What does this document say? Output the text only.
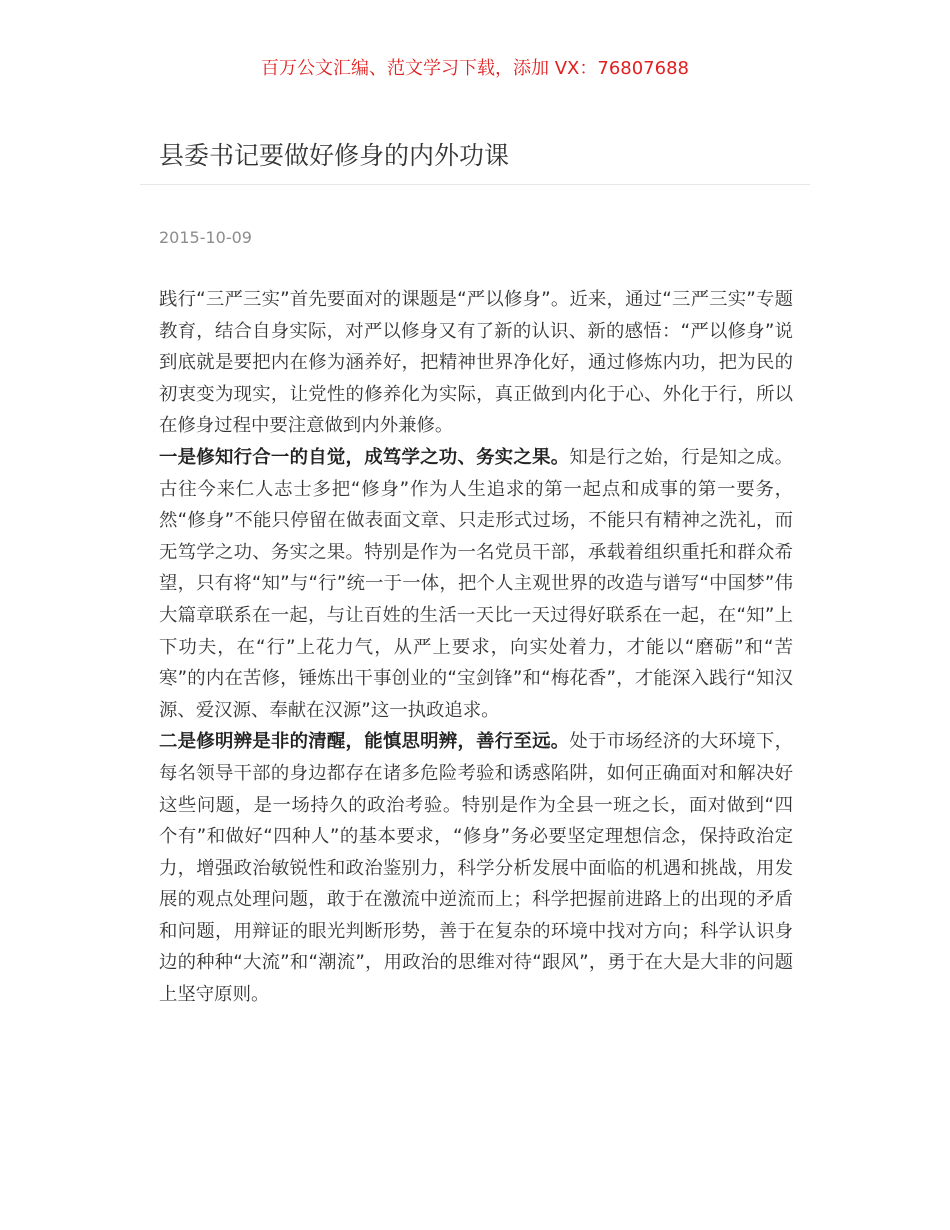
百万公文汇编、范文学习下载，添加 VX：76807688
县委书记要做好修身的内外功课
2015-10-09

践行“三严三实”首先要面对的课题是“严以修身”。近来，通过“三严三实”专题教育，结合自身实际，对严以修身又有了新的认识、新的感悟：“严以修身”说到底就是要把内在修为涵养好，把精神世界净化好，通过修炼内功，把为民的初衷变为现实，让党性的修养化为实际，真正做到内化于心、外化于行，所以在修身过程中要注意做到内外兼修。

一是修知行合一的自觉，成笃学之功、务实之果。知是行之始，行是知之成。古往今来仁人志士多把“修身”作为人生追求的第一起点和成事的第一要务，然“修身”不能只停留在做表面文章、只走形式过场，不能只有精神之洗礼，而无笃学之功、务实之果。特别是作为一名党员干部，承载着组织重托和群众希望，只有将“知”与“行”统一于一体，把个人主观世界的改造与谱写“中国梦”伟大篇章联系在一起，与让百姓的生活一天比一天过得好联系在一起，在“知”上下功夫，在“行”上花力气，从严上要求，向实处着力，才能以“磨砺”和“苦寒”的内在苦修，锤炼出干事创业的“宝剑锋”和“梅花香”，才能深入践行“知汉源、爱汉源、奉献在汉源”这一执政追求。

二是修明辨是非的清醒，能慎思明辨，善行至远。处于市场经济的大环境下，每名领导干部的身边都存在诸多危险考验和诱惑陷阱，如何正确面对和解决好这些问题，是一场持久的政治考验。特别是作为全县一班之长，面对做到“四个有”和做好“四种人”的基本要求，“修身”务必要坚定理想信念，保持政治定力，增强政治敏锐性和政治鉴别力，科学分析发展中面临的机遇和挑战，用发展的观点处理问题，敢于在激流中逆流而上；科学把握前进路上的出现的矛盾和问题，用辩证的眼光判断形势，善于在复杂的环境中找对方向；科学认识身边的种种“大流”和“潮流”，用政治的思维对待“跟风”，勇于在大是大非的问题上坚守原则。
